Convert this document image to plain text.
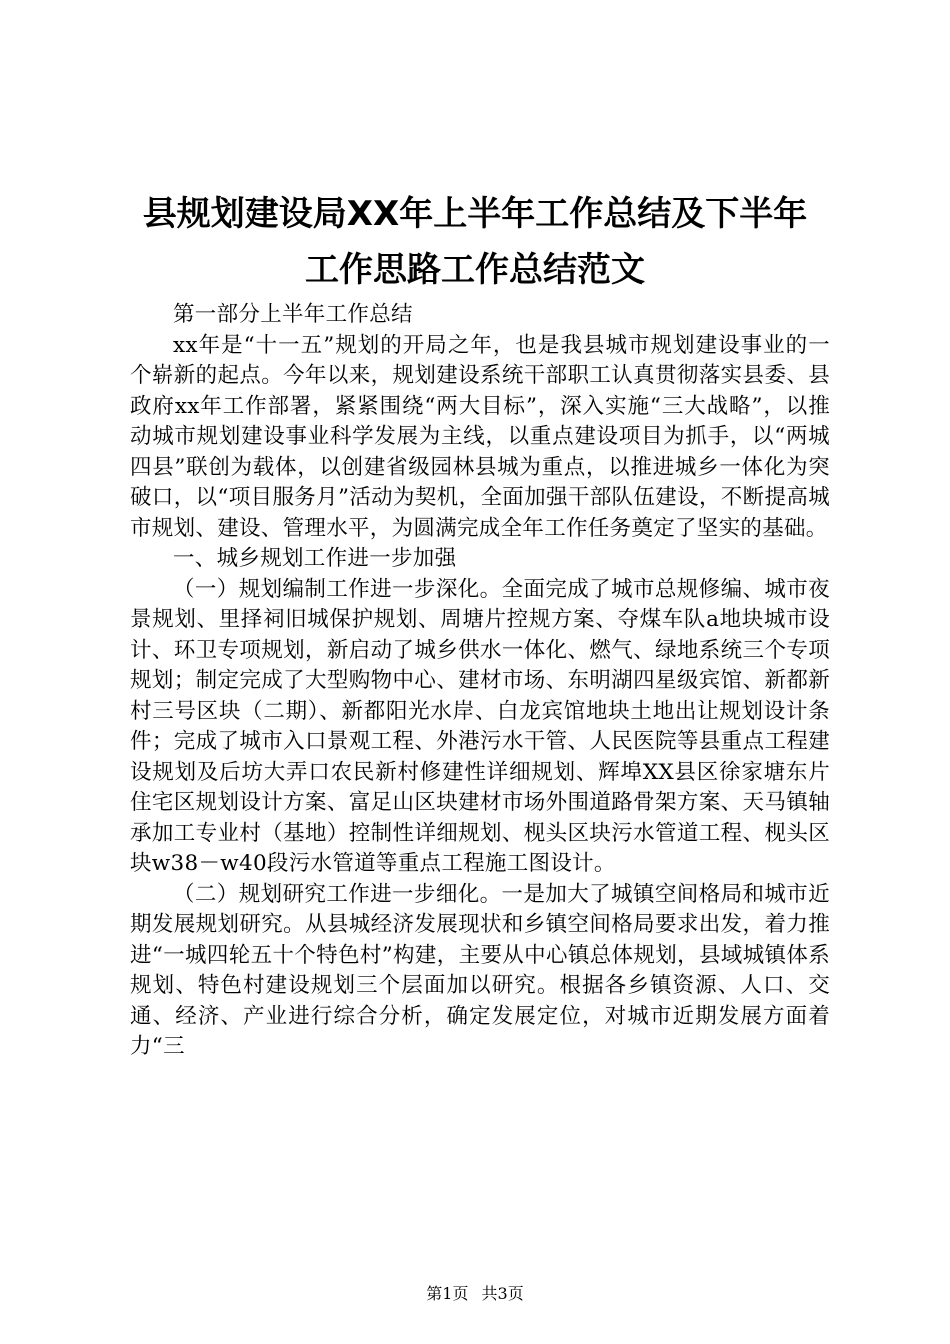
县规划建设局XX年上半年工作总结及下半年
工作思路工作总结范文

第一部分上半年工作总结

xx年是“十一五”规划的开局之年，也是我县城市规划建设事业的一个崭新的起点。今年以来，规划建设系统干部职工认真贯彻落实县委、县政府xx年工作部署，紧紧围绕“两大目标”，深入实施“三大战略”，以推动城市规划建设事业科学发展为主线，以重点建设项目为抓手，以“两城四县”联创为载体，以创建省级园林县城为重点，以推进城乡一体化为突破口，以“项目服务月”活动为契机，全面加强干部队伍建设，不断提高城市规划、建设、管理水平，为圆满完成全年工作任务奠定了坚实的基础。

一、城乡规划工作进一步加强

（一）规划编制工作进一步深化。全面完成了城市总规修编、城市夜景规划、里择祠旧城保护规划、周塘片控规方案、夺煤车队a地块城市设计、环卫专项规划，新启动了城乡供水一体化、燃气、绿地系统三个专项规划；制定完成了大型购物中心、建材市场、东明湖四星级宾馆、新都新村三号区块（二期）、新都阳光水岸、白龙宾馆地块土地出让规划设计条件；完成了城市入口景观工程、外港污水干管、人民医院等县重点工程建设规划及后坊大弄口农民新村修建性详细规划、辉埠XX县区徐家塘东片住宅区规划设计方案、富足山区块建材市场外围道路骨架方案、天马镇轴承加工专业村（基地）控制性详细规划、枧头区块污水管道工程、枧头区块w38－w40段污水管道等重点工程施工图设计。

（二）规划研究工作进一步细化。一是加大了城镇空间格局和城市近期发展规划研究。从县城经济发展现状和乡镇空间格局要求出发，着力推进“一城四轮五十个特色村”构建，主要从中心镇总体规划，县域城镇体系规划、特色村建设规划三个层面加以研究。根据各乡镇资源、人口、交通、经济、产业进行综合分析，确定发展定位，对城市近期发展方面着力“三

第1页 共3页
